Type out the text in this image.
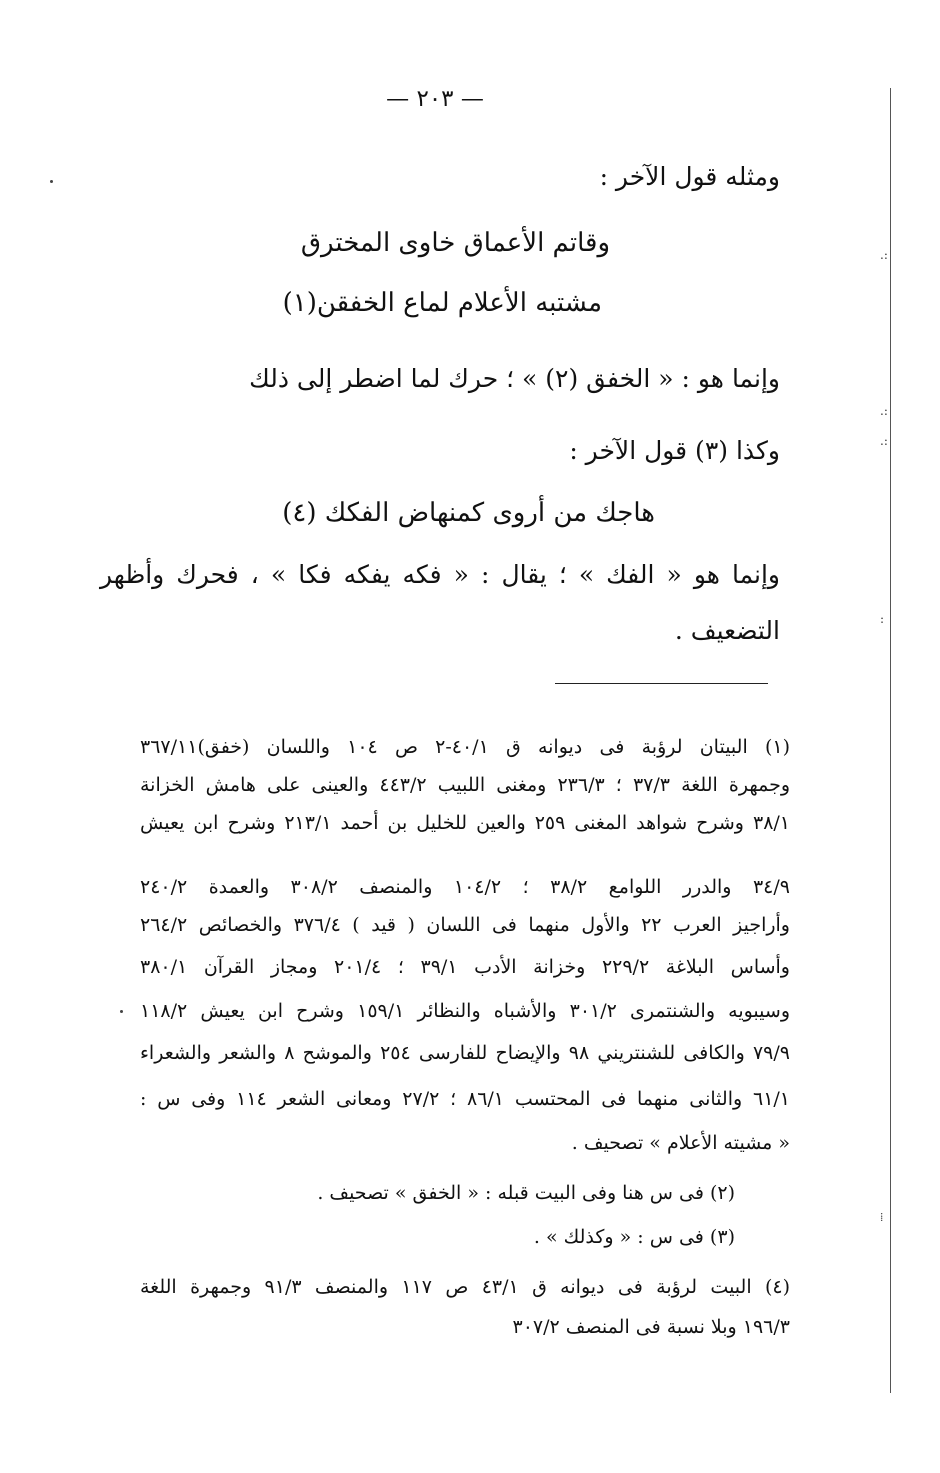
.:
.:
.:
:
⁞
— ٢٠٣ —
ومثله قول الآخر :
وقاتم الأعماق خاوى المخترق
مشتبه الأعلام لماع الخفقن(١)
وإنما هو : « الخفق (٢) » ؛ حرك لما اضطر إلى ذلك
وكذا (٣) قول الآخر :
هاجك من أروى كمنهاض الفكك (٤)
وإنما هو « الفك » ؛ يقال : « فكه يفكه فكا » ، فحرك وأظهر
التضعيف .
(١) البيتان لرؤبة فى ديوانه ق ٤٠/١-٢ ص ١٠٤ واللسان (خفق)٣٦٧/١١
وجمهرة اللغة ٣٧/٣ ؛ ٢٣٦/٣ ومغنى اللبيب ٤٤٣/٢ والعينى على هامش الخزانة
٣٨/١ وشرح شواهد المغنى ٢٥٩ والعين للخليل بن أحمد ٢١٣/١ وشرح ابن يعيش
٣٤/٩ والدرر اللوامع ٣٨/٢ ؛ ١٠٤/٢ والمنصف ٣٠٨/٢ والعمدة ٢٤٠/٢
وأراجيز العرب ٢٢ والأول منهما فى اللسان ( قيد ) ٣٧٦/٤ والخصائص ٢٦٤/٢
وأساس البلاغة ٢٢٩/٢ وخزانة الأدب ٣٩/١ ؛ ٢٠١/٤ ومجاز القرآن ٣٨٠/١
وسيبويه والشنتمرى ٣٠١/٢ والأشباه والنظائر ١٥٩/١ وشرح ابن يعيش ١١٨/٢
٧٩/٩ والكافى للشنتريني ٩٨ والإيضاح للفارسى ٢٥٤ والموشح ٨ والشعر والشعراء
٦١/١ والثانى منهما فى المحتسب ٨٦/١ ؛ ٢٧/٢ ومعانى الشعر ١١٤ وفى س :
« مشيته الأعلام » تصحيف .
(٢) فى س هنا وفى البيت قبله : « الخفق » تصحيف .
(٣) فى س : « وكذلك » .
(٤) البيت لرؤبة فى ديوانه ق ٤٣/١ ص ١١٧ والمنصف ٩١/٣ وجمهرة اللغة
١٩٦/٣ وبلا نسبة فى المنصف ٣٠٧/٢
